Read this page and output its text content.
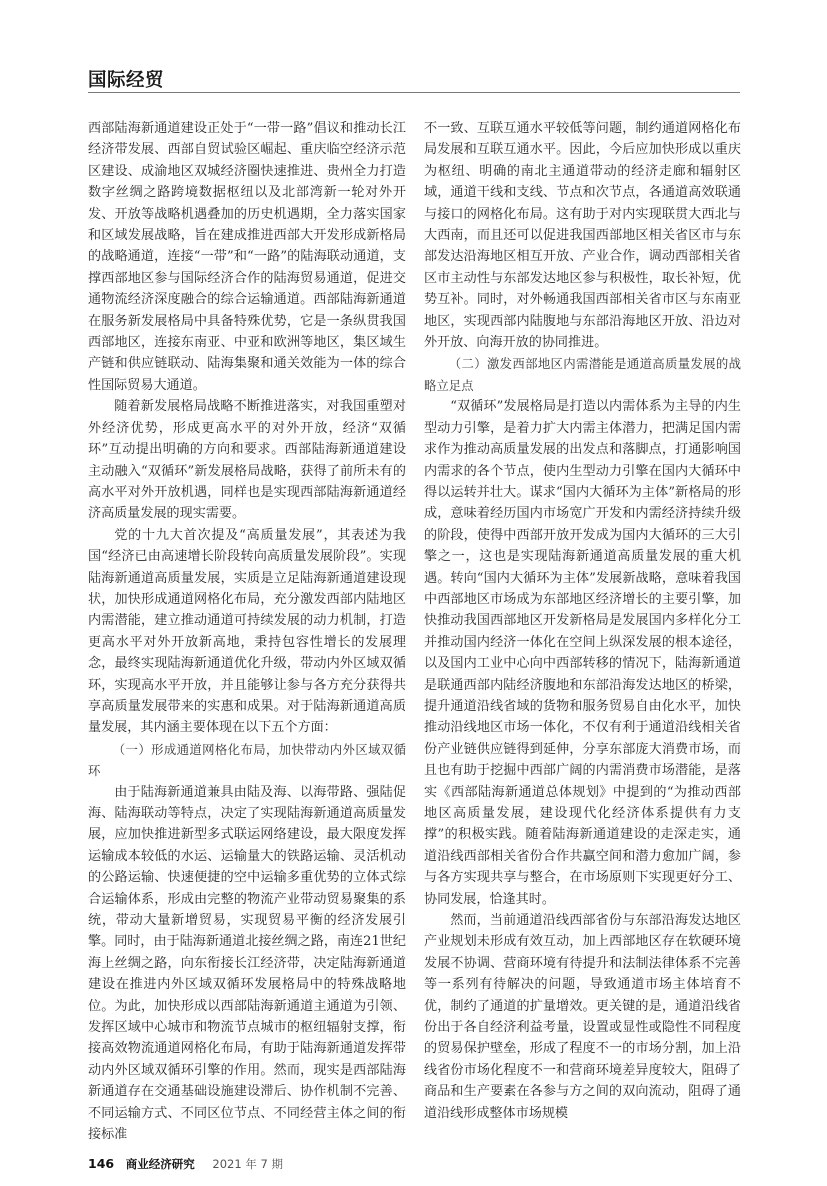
国际经贸

西部陆海新通道建设正处于“一带一路”倡议和推动长江经济带发展、西部自贸试验区崛起、重庆临空经济示范区建设、成渝地区双城经济圈快速推进、贵州全力打造数字丝绸之路跨境数据枢纽以及北部湾新一轮对外开发、开放等战略机遇叠加的历史机遇期，全力落实国家和区域发展战略，旨在建成推进西部大开发形成新格局的战略通道，连接“一带”和“一路”的陆海联动通道，支撑西部地区参与国际经济合作的陆海贸易通道，促进交通物流经济深度融合的综合运输通道。西部陆海新通道在服务新发展格局中具备特殊优势，它是一条纵贯我国西部地区，连接东南亚、中亚和欧洲等地区，集区域生产链和供应链联动、陆海集聚和通关效能为一体的综合性国际贸易大通道。

随着新发展格局战略不断推进落实，对我国重塑对外经济优势，形成更高水平的对外开放，经济“双循环”互动提出明确的方向和要求。西部陆海新通道建设主动融入“双循环”新发展格局战略，获得了前所未有的高水平对外开放机遇，同样也是实现西部陆海新通道经济高质量发展的现实需要。

党的十九大首次提及“高质量发展”，其表述为我国“经济已由高速增长阶段转向高质量发展阶段”。实现陆海新通道高质量发展，实质是立足陆海新通道建设现状，加快形成通道网格化布局，充分激发西部内陆地区内需潜能，建立推动通道可持续发展的动力机制，打造更高水平对外开放新高地，秉持包容性增长的发展理念，最终实现陆海新通道优化升级，带动内外区域双循环，实现高水平开放，并且能够让参与各方充分获得共享高质量发展带来的实惠和成果。对于陆海新通道高质量发展，其内涵主要体现在以下五个方面：

（一）形成通道网格化布局，加快带动内外区域双循环

由于陆海新通道兼具由陆及海、以海带路、强陆促海、陆海联动等特点，决定了实现陆海新通道高质量发展，应加快推进新型多式联运网络建设，最大限度发挥运输成本较低的水运、运输量大的铁路运输、灵活机动的公路运输、快速便捷的空中运输多重优势的立体式综合运输体系，形成由完整的物流产业带动贸易聚集的系统，带动大量新增贸易，实现贸易平衡的经济发展引擎。同时，由于陆海新通道北接丝绸之路，南连21世纪海上丝绸之路，向东衔接长江经济带，决定陆海新通道建设在推进内外区域双循环发展格局中的特殊战略地位。为此，加快形成以西部陆海新通道主通道为引领、发挥区域中心城市和物流节点城市的枢纽辐射支撑，衔接高效物流通道网格化布局，有助于陆海新通道发挥带动内外区域双循环引擎的作用。然而，现实是西部陆海新通道存在交通基础设施建设滞后、协作机制不完善、不同运输方式、不同区位节点、不同经营主体之间的衔接标准

不一致、互联互通水平较低等问题，制约通道网格化布局发展和互联互通水平。因此，今后应加快形成以重庆为枢纽、明确的南北主通道带动的经济走廊和辐射区域，通道干线和支线、节点和次节点，各通道高效联通与接口的网格化布局。这有助于对内实现联贯大西北与大西南，而且还可以促进我国西部地区相关省区市与东部发达沿海地区相互开放、产业合作，调动西部相关省区市主动性与东部发达地区参与积极性，取长补短，优势互补。同时，对外畅通我国西部相关省市区与东南亚地区，实现西部内陆腹地与东部沿海地区开放、沿边对外开放、向海开放的协同推进。

（二）激发西部地区内需潜能是通道高质量发展的战略立足点

“双循环”发展格局是打造以内需体系为主导的内生型动力引擎，是着力扩大内需主体潜力，把满足国内需求作为推动高质量发展的出发点和落脚点，打通影响国内需求的各个节点，使内生型动力引擎在国内大循环中得以运转并壮大。谋求“国内大循环为主体”新格局的形成，意味着经历国内市场宽广开发和内需经济持续升级的阶段，使得中西部开放开发成为国内大循环的三大引擎之一，这也是实现陆海新通道高质量发展的重大机遇。转向“国内大循环为主体”发展新战略，意味着我国中西部地区市场成为东部地区经济增长的主要引擎，加快推动我国西部地区开发新格局是发展国内多样化分工并推动国内经济一体化在空间上纵深发展的根本途径，以及国内工业中心向中西部转移的情况下，陆海新通道是联通西部内陆经济腹地和东部沿海发达地区的桥梁，提升通道沿线省域的货物和服务贸易自由化水平，加快推动沿线地区市场一体化，不仅有利于通道沿线相关省份产业链供应链得到延伸，分享东部庞大消费市场，而且也有助于挖掘中西部广阔的内需消费市场潜能，是落实《西部陆海新通道总体规划》中提到的“为推动西部地区高质量发展，建设现代化经济体系提供有力支撑”的积极实践。随着陆海新通道建设的走深走实，通道沿线西部相关省份合作共赢空间和潜力愈加广阔，参与各方实现共享与整合，在市场原则下实现更好分工、协同发展，恰逢其时。

然而，当前通道沿线西部省份与东部沿海发达地区产业规划未形成有效互动，加上西部地区存在软硬环境发展不协调、营商环境有待提升和法制法律体系不完善等一系列有待解决的问题，导致通道市场主体培育不优，制约了通道的扩量增效。更关键的是，通道沿线省份出于各自经济利益考量，设置或显性或隐性不同程度的贸易保护壁垒，形成了程度不一的市场分割，加上沿线省份市场化程度不一和营商环境差异度较大，阻碍了商品和生产要素在各参与方之间的双向流动，阻碍了通道沿线形成整体市场规模

146 商业经济研究 2021 年 7 期
